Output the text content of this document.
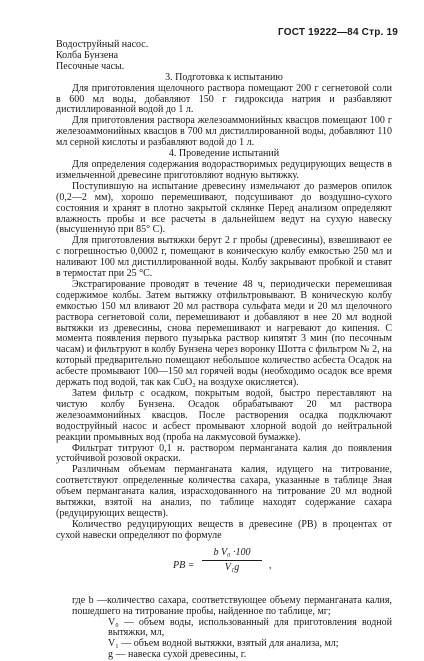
ГОСТ 19222—84 Стр. 19
Водоструйный насос.
Колба Бунзена
Песочные часы.
3. Подготовка к испытанию
Для приготовления щелочного раствора помещают 200 г сегнетовой соли в 600 мл воды, добавляют 150 г гидроксида натрия и разбавляют дистиллированной водой до 1 л.
Для приготовления раствора железоаммонийных квасцов помещают 100 г железоаммонийных квасцов в 700 мл дистиллированной воды, добавляют 110 мл серной кислоты и разбавляют водой до 1 л.
4. Проведение испытаний
Для определения содержания водорастворимых редуцирующих веществ в измельченной древесине приготовляют водную вытяжку.
Поступившую на испытание древесину измельчают до размеров опилок (0,2—2 мм), хорошо перемешивают, подсушивают до воздушно-сухого состояния и хранят в плотно закрытой склянке Перед анализом определяют влажность пробы и все расчеты в дальнейшем ведут на сухую навеску (высушенную при 85° С).
Для приготовления вытяжки берут 2 г пробы (древесины), взвешивают ее с погрешностью 0,0002 г, помещают в коническую колбу емкостью 250 мл и наливают 100 мл дистиллированной воды. Колбу закрывают пробкой и ставят в термостат при 25 °С.
Экстрагирование проводят в течение 48 ч, периодически перемешивая содержимое колбы. Затем вытяжку отфильтровывают. В коническую колбу емкостью 150 мл вливают 20 мл раствора сульфата меди и 20 мл щелочного раствора сегнетовой соли, перемешивают и добавляют в нее 20 мл водной вытяжки из древесины, снова перемешивают и нагревают до кипения. С момента появления первого пузырька раствор кипятят 3 мин (по песочным часам) и фильтруют в колбу Бунзена через воронку Шотта с фильтром № 2, на который предварительно помещают небольшое количество асбеста Осадок на асбесте промывают 100—150 мл горячей воды (необходимо осадок все время держать под водой, так как CuO₂ на воздухе окисляется).
Затем фильтр с осадком, покрытым водой, быстро переставляют на чистую колбу Бунзена. Осадок обрабатывают 20 мл раствора железоаммонийных квасцов. После растворения осадка подключают водоструйный насос и асбест промывают хлорной водой до нейтральной реакции промывных вод (проба на лакмусовой бумажке).
Фильтрат титруют 0,1 н. раствором перманганата калия до появления устойчивой розовой окраски.
Различным объемам перманганата калия, идущего на титрование, соответствуют определенные количества сахара, указанные в таблице Зная объем перманганата калия, израсходованного на титрование 20 мл водной вытяжки, взятой на анализ, по таблице находят содержание сахара (редуцирующих веществ).
Количество редуцирующих веществ в древесине (PB) в процентах от сухой навески определяют по формуле
PB = $\frac{\text{b V₀ ·100}}{\text{V₁g}}$ ,
где b —количество сахара, соответствующее объему перманганата калия, пошедшего на титрование пробы, найденное по таблице, мг;
V₀ — объем воды, использованный для приготовления водной вытяжки, мл,
V₁ — объем водной вытяжки, взятый для анализа, мл;
g — навеска сухой древесины, г.
